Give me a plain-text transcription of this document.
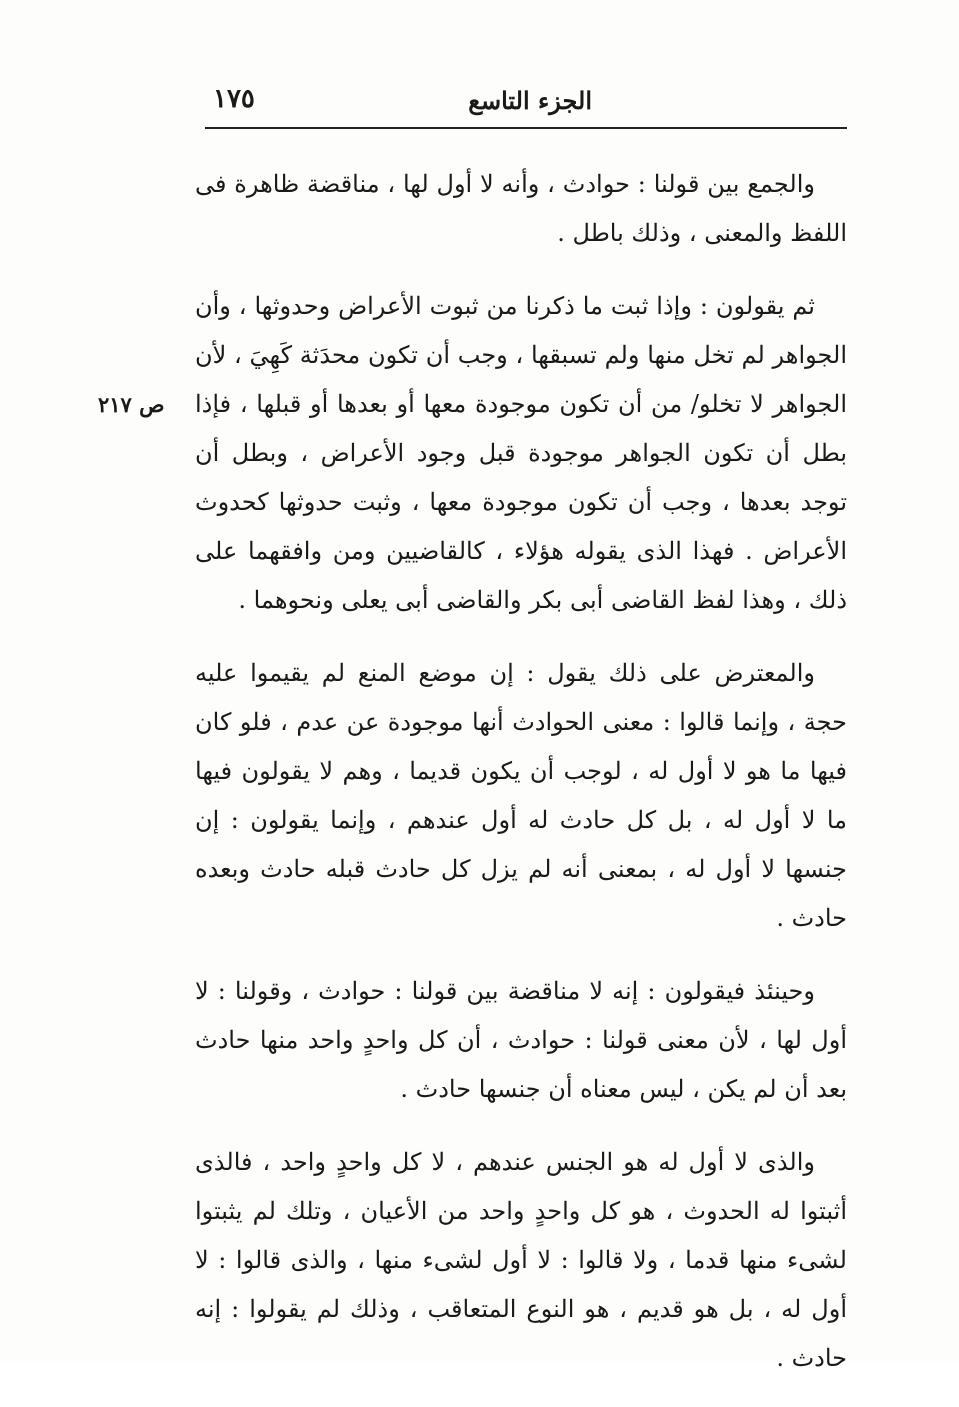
الجزء التاسع
١٧٥
ص ٢١٧

والجمع بين قولنا : حوادث ، وأنه لا أول لها ، مناقضة ظاهرة فى اللفظ والمعنى ، وذلك باطل .

ثم يقولون : وإذا ثبت ما ذكرنا من ثبوت الأعراض وحدوثها ، وأن الجواهر لم تخل منها ولم تسبقها ، وجب أن تكون محدَثة كَهِيَ ، لأن الجواهر لا تخلو/ من أن تكون موجودة معها أو بعدها أو قبلها ، فإذا بطل أن تكون الجواهر موجودة قبل وجود الأعراض ، وبطل أن توجد بعدها ، وجب أن تكون موجودة معها ، وثبت حدوثها كحدوث الأعراض . فهذا الذى يقوله هؤلاء ، كالقاضيين ومن وافقهما على ذلك ، وهذا لفظ القاضى أبى بكر والقاضى أبى يعلى ونحوهما .

والمعترض على ذلك يقول : إن موضع المنع لم يقيموا عليه حجة ، وإنما قالوا : معنى الحوادث أنها موجودة عن عدم ، فلو كان فيها ما هو لا أول له ، لوجب أن يكون قديما ، وهم لا يقولون فيها ما لا أول له ، بل كل حادث له أول عندهم ، وإنما يقولون : إن جنسها لا أول له ، بمعنى أنه لم يزل كل حادث قبله حادث وبعده حادث .

وحينئذ فيقولون : إنه لا مناقضة بين قولنا : حوادث ، وقولنا : لا أول لها ، لأن معنى قولنا : حوادث ، أن كل واحدٍ واحد منها حادث بعد أن لم يكن ، ليس معناه أن جنسها حادث .

والذى لا أول له هو الجنس عندهم ، لا كل واحدٍ واحد ، فالذى أثبتوا له الحدوث ، هو كل واحدٍ واحد من الأعيان ، وتلك لم يثبتوا لشىء منها قدما ، ولا قالوا : لا أول لشىء منها ، والذى قالوا : لا أول له ، بل هو قديم ، هو النوع المتعاقب ، وذلك لم يقولوا : إنه حادث .
